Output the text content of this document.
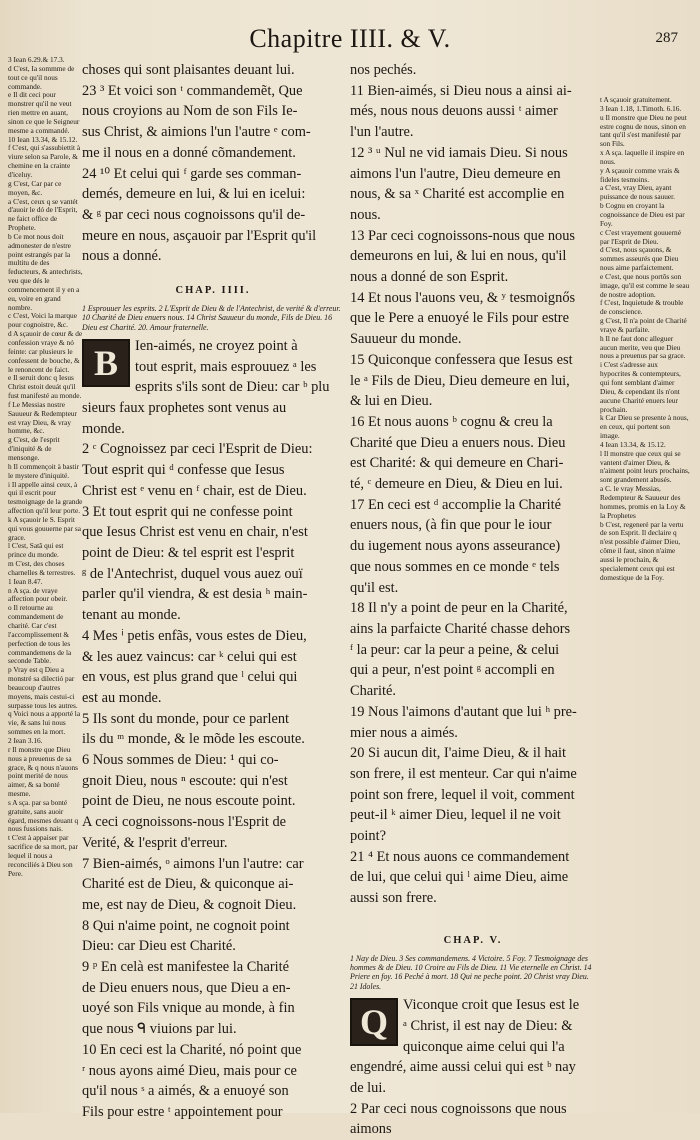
Chapitre IIII. & V.	287

3 Iean 6.29.& 17.3.

d C'est, Ia sommme de tout ce qu'il nous commande.

e Il dit ceci pour monstrer qu'il ne veut rien mettre en auant, sinon ce que le Seigneur mesme a commandé.

10 Iean 13.34, & 15.12.

f C'est, qui s'assubiettit à viure selon sa Parole, & chemine en la crainte d'iceluy.

g C'est, Car par ce moyen, &c.

a C'est, ceux q se vantét d'auoir le dó de l'Esprit, ne faict office de Prophete.

b Ce mot nous doit admonester de n'estre point estrangés par la multitu de des feducteurs, & antechrists, veu que dés le commencement il y en a eu, voire en grand nombre.

c C'est, Voici la marque pour cognoistre, &c.

d A sçauoir de cœur & de confession vraye & nó feinte: car plusieurs le confessent de bouche, & le renoncent de faict.

e Il seruit donc q Iesus Christ estoit deuát qu'il fust manifesté au monde.

f Le Messias nostre Sauueur & Redempteur est vray Dieu, & vray homme, &c.

g C'est, de l'esprit d'iniquité & de mensonge.

h Il commençoit à bastir le mystere d'iniquité.

i Il appelle ainsi ceux, à qui il escrit pour tesmoignage de la grande affection qu'il leur porte.

k A sçauoir le S. Esprit qui vous gouuerne par sa grace.

l C'est, Satã qui est prince du monde.

m C'est, des choses charnelles & terrestres.

1 Iean 8.47.

n A sça. de vraye affection pour obeir.

o Il retourne au commandement de charité. Car c'est l'accomplissement & perfection de tous les commandemens de la seconde Table.

p Vray est q Dieu a monstré sa dilectió par beaucoup d'autres moyens, mais cestui-ci surpasse tous les autres.

q Voici nous a apporté la vie, & sans lui nous sommes en la mort.

2 Iean 3.16.

r Il monstre que Dieu nous a preuenus de sa grace, & q nous n'auons point merité de nous aimer, & sa bonté mesme.

s A sça. par sa bonté gratuite, sans auoir égard, mesmes deuant q nous fussions nais.

t C'est à appaiser par sacrifice de sa mort, par lequel il nous a reconciliés à Dieu son Pere.

t A sçauoir gratuitement.

3 Iean 1.18, 1.Timoth. 6.16.

u Il monstre que Dieu ne peut estre cognu de nous, sinon en tant qu'il s'est manifesté par son Fils.

x A sça. laquelle il inspire en nous.

y A sçauoir comme vrais & fideles tesmoins.

a C'est, vray Dieu, ayant puissance de nous sauuer.

b Cognu en croyant la cognoissance de Dieu est par Foy.

c C'est vrayement gouuerné par l'Esprit de Dieu.

d C'est, nous sçauons, & sommes asseurés que Dieu nous aime parfaictement.

e C'est, que nous portõs son image, qu'il est comme le seau de nostre adoption.

f C'est, Inquietude & trouble de conscience.

g C'est, Il n'a point de Charité vraye & parfaite.

h Il ne faut donc alleguer aucun merite, veu que Dieu nous a preuenus par sa grace.

i C'est s'adresse aux hypocrites & contempteurs, qui font semblant d'aimer Dieu, & cependant ils n'ont aucune Charité enuers leur prochain.

k Car Dieu se presente à nous, en ceux, qui portent son image.

4 Iean 13.34, & 15.12.

l Il monstre que ceux qui se vantent d'aimer Dieu, & n'aiment point leurs prochains, sont grandement abusés.

a C. le vray Messias, Redempteur & Sauueur des hommes, promis en la Loy & la Prophetes

b C'est, regeneré par la vertu de son Esprit. Il declaire q n'est possible d'aimer Dieu, cõme il faut, sinon n'aime aussi le prochain, & specialement ceux qui est domestique de la Foy.

choses qui sont plaisantes deuant lui.

23 ³ Et voici son ᵗ commandemẽt, Que

nous croyions au Nom de son Fils Ie-

sus Christ, & aimions l'un l'autre ᵉ com-

me il nous en a donné cõmandement.

24 ¹⁰ Et celui qui ᶠ garde ses comman-

demés, demeure en lui, & lui en icelui:

& ᵍ par ceci nous cognoissons qu'il de-

meure en nous, asçauoir par l'Esprit qu'il

nous a donné.

CHAP. IIII.

1 Esprouuer les esprits. 2 L'Esprit de Dieu & de l'Antechrist, de verité & d'erreur. 10 Charité de Dieu enuers nous. 14 Christ Sauueur du monde, Fils de Dieu. 16 Dieu est Charité. 20. Amour fraternelle.

B	Ien-aimés, ne croyez point à

tout esprit, mais esprouuez ᵃ les

esprits s'ils sont de Dieu: car ᵇ plu

sieurs faux prophetes sont venus au

monde.

2 ᶜ Cognoissez par ceci l'Esprit de Dieu:

Tout esprit qui ᵈ confesse que Iesus

Christ est ᵉ venu en ᶠ chair, est de Dieu.

3 Et tout esprit qui ne confesse point

que Iesus Christ est venu en chair, n'est

point de Dieu: & tel esprit est l'esprit

ᵍ de l'Antechrist, duquel vous auez ouï

parler qu'il viendra, & est desia ʰ main-

tenant au monde.

4 Mes ⁱ petis enfãs, vous estes de Dieu,

& les auez vaincus: car ᵏ celui qui est

en vous, est plus grand que ˡ celui qui

est au monde.

5 Ils sont du monde, pour ce parlent

ils du ᵐ monde, & le mõde les escoute.

6 Nous sommes de Dieu: ¹ qui co-

gnoit Dieu, nous ⁿ escoute: qui n'est

point de Dieu, ne nous escoute point.

A ceci cognoissons-nous l'Esprit de

Verité, & l'esprit d'erreur.

7 Bien-aimés, ᵒ aimons l'un l'autre: car

Charité est de Dieu, & quiconque ai-

me, est nay de Dieu, & cognoit Dieu.

8 Qui n'aime point, ne cognoit point

Dieu: car Dieu est Charité.

9 ᵖ En celà est manifestee la Charité

de Dieu enuers nous, que Dieu a en-

uoyé son Fils vnique au monde, à fin

que nous ᑫ viuions par lui.

10 En ceci est la Charité, nó point que

ʳ nous ayons aimé Dieu, mais pour ce

qu'il nous ˢ a aimés, & a enuoyé son

Fils pour estre ᵗ appointement pour

nos pechés.

11 Bien-aimés, si Dieu nous a ainsi ai-

més, nous nous deuons aussi ᵗ aimer

l'un l'autre.

12 ³ ᵘ Nul ne vid iamais Dieu. Si nous

aimons l'un l'autre, Dieu demeure en

nous, & sa ˣ Charité est accomplie en

nous.

13 Par ceci cognoissons-nous que nous

demeurons en lui, & lui en nous, qu'il

nous a donné de son Esprit.

14 Et nous l'auons veu, & ʸ tesmoignős

que le Pere a enuoyé le Fils pour estre

Sauueur du monde.

15 Quiconque confessera que Iesus est

le ᵃ Fils de Dieu, Dieu demeure en lui,

& lui en Dieu.

16 Et nous auons ᵇ cognu & creu la

Charité que Dieu a enuers nous. Dieu

est Charité: & qui demeure en Chari-

té, ᶜ demeure en Dieu, & Dieu en lui.

17 En ceci est ᵈ accomplie la Charité

enuers nous, (à fin que pour le iour

du iugement nous ayons asseurance)

que nous sommes en ce monde ᵉ tels

qu'il est.

18 Il n'y a point de peur en la Charité,

ains la parfaicte Charité chasse dehors

ᶠ la peur: car la peur a peine, & celui

qui a peur, n'est point ᵍ accompli en

Charité.

19 Nous l'aimons d'autant que lui ʰ pre-

mier nous a aimés.

20 Si aucun dit, I'aime Dieu, & il hait

son frere, il est menteur. Car qui n'aime

point son frere, lequel il voit, comment

peut-il ᵏ aimer Dieu, lequel il ne voit

point?

21 ⁴ Et nous auons ce commandement

de lui, que celui qui ˡ aime Dieu, aime

aussi son frere.

CHAP. V.

1 Nay de Dieu. 3 Ses commandemens. 4 Victoire. 5 Foy. 7 Tesmoignage des hommes & de Dieu. 10 Croire au Fils de Dieu. 11 Vie eternelle en Christ. 14 Priere en foy. 16 Peché à mort. 18 Qui ne peche point. 20 Christ vray Dieu. 21 Idoles.

Q	Viconque croit que Iesus est le

ᵃ Christ, il est nay de Dieu: &

quiconque aime celui qui l'a

engendré, aime aussi celui qui est ᵇ nay

de lui.

2 Par ceci nous cognoissons que nous

aimons
